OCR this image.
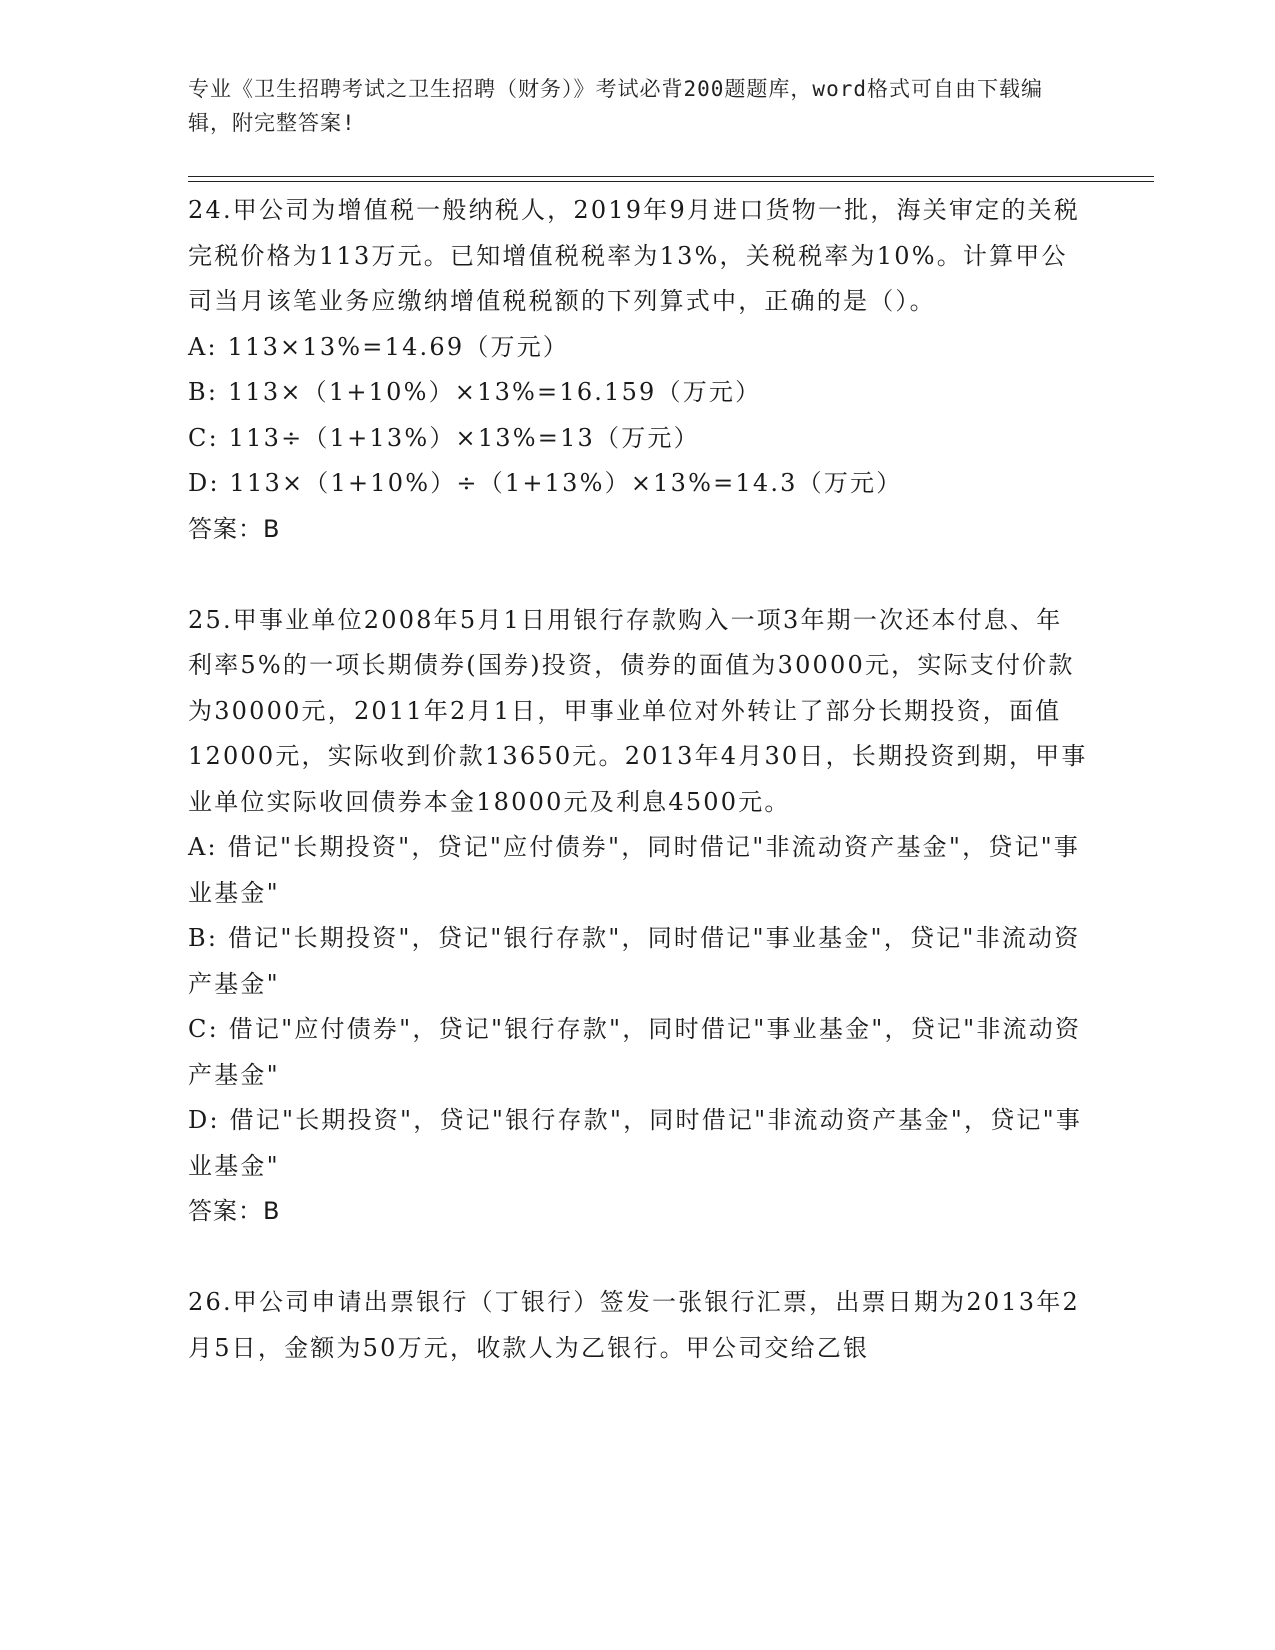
专业《卫生招聘考试之卫生招聘（财务）》考试必背200题题库，word格式可自由下载编辑，附完整答案!

24.甲公司为增值税一般纳税人，2019年9月进口货物一批，海关审定的关税完税价格为113万元。已知增值税税率为13%，关税税率为10%。计算甲公司当月该笔业务应缴纳增值税税额的下列算式中，正确的是（）。

A: 113×13%=14.69（万元）

B: 113×（1+10%）×13%=16.159（万元）

C: 113÷（1+13%）×13%=13（万元）

D: 113×（1+10%）÷（1+13%）×13%=14.3（万元）

答案：B

25.甲事业单位2008年5月1日用银行存款购入一项3年期一次还本付息、年利率5%的一项长期债券(国券)投资，债券的面值为30000元，实际支付价款为30000元，2011年2月1日，甲事业单位对外转让了部分长期投资，面值12000元，实际收到价款13650元。2013年4月30日，长期投资到期，甲事业单位实际收回债券本金18000元及利息4500元。

A: 借记"长期投资"，贷记"应付债券"，同时借记"非流动资产基金"，贷记"事业基金"

B: 借记"长期投资"，贷记"银行存款"，同时借记"事业基金"，贷记"非流动资产基金"

C: 借记"应付债券"，贷记"银行存款"，同时借记"事业基金"，贷记"非流动资产基金"

D: 借记"长期投资"，贷记"银行存款"，同时借记"非流动资产基金"，贷记"事业基金"

答案：B

26.甲公司申请出票银行（丁银行）签发一张银行汇票，出票日期为2013年2月5日，金额为50万元，收款人为乙银行。甲公司交给乙银
